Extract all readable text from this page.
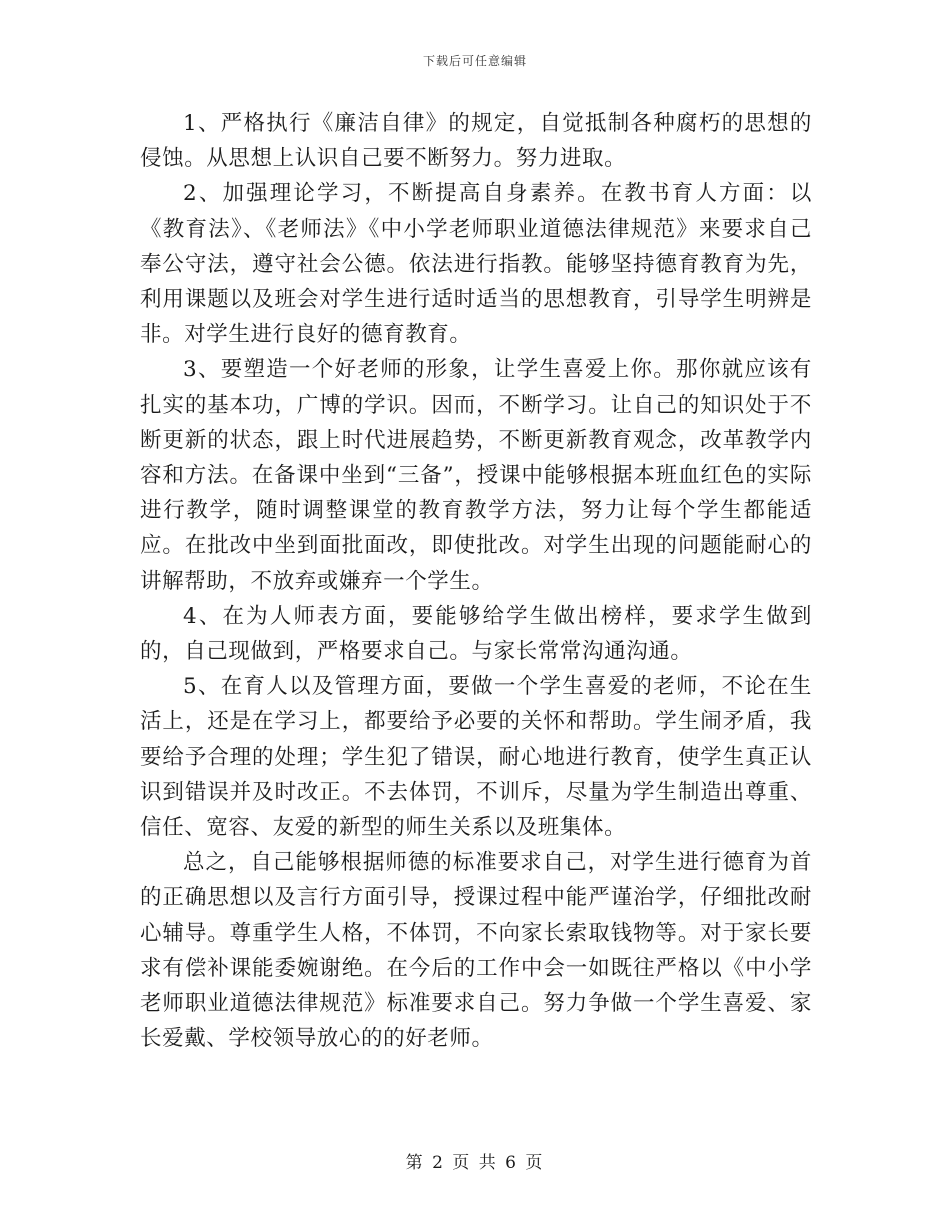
下载后可任意编辑

1、严格执行《廉洁自律》的规定，自觉抵制各种腐朽的思想的侵蚀。从思想上认识自己要不断努力。努力进取。

2、加强理论学习，不断提高自身素养。在教书育人方面：以《教育法》、《老师法》《中小学老师职业道德法律规范》来要求自己奉公守法，遵守社会公德。依法进行指教。能够坚持德育教育为先，利用课题以及班会对学生进行适时适当的思想教育，引导学生明辨是非。对学生进行良好的德育教育。

3、要塑造一个好老师的形象，让学生喜爱上你。那你就应该有扎实的基本功，广博的学识。因而，不断学习。让自己的知识处于不断更新的状态，跟上时代进展趋势，不断更新教育观念，改革教学内容和方法。在备课中坐到“三备”，授课中能够根据本班血红色的实际进行教学，随时调整课堂的教育教学方法，努力让每个学生都能适应。在批改中坐到面批面改，即使批改。对学生出现的问题能耐心的讲解帮助，不放弃或嫌弃一个学生。

4、在为人师表方面，要能够给学生做出榜样，要求学生做到的，自己现做到，严格要求自己。与家长常常沟通沟通。

5、在育人以及管理方面，要做一个学生喜爱的老师，不论在生活上，还是在学习上，都要给予必要的关怀和帮助。学生闹矛盾，我要给予合理的处理；学生犯了错误，耐心地进行教育，使学生真正认识到错误并及时改正。不去体罚，不训斥，尽量为学生制造出尊重、信任、宽容、友爱的新型的师生关系以及班集体。

总之，自己能够根据师德的标准要求自己，对学生进行德育为首的正确思想以及言行方面引导，授课过程中能严谨治学，仔细批改耐心辅导。尊重学生人格，不体罚，不向家长索取钱物等。对于家长要求有偿补课能委婉谢绝。在今后的工作中会一如既往严格以《中小学老师职业道德法律规范》标准要求自己。努力争做一个学生喜爱、家长爱戴、学校领导放心的的好老师。

第 2 页 共 6 页
